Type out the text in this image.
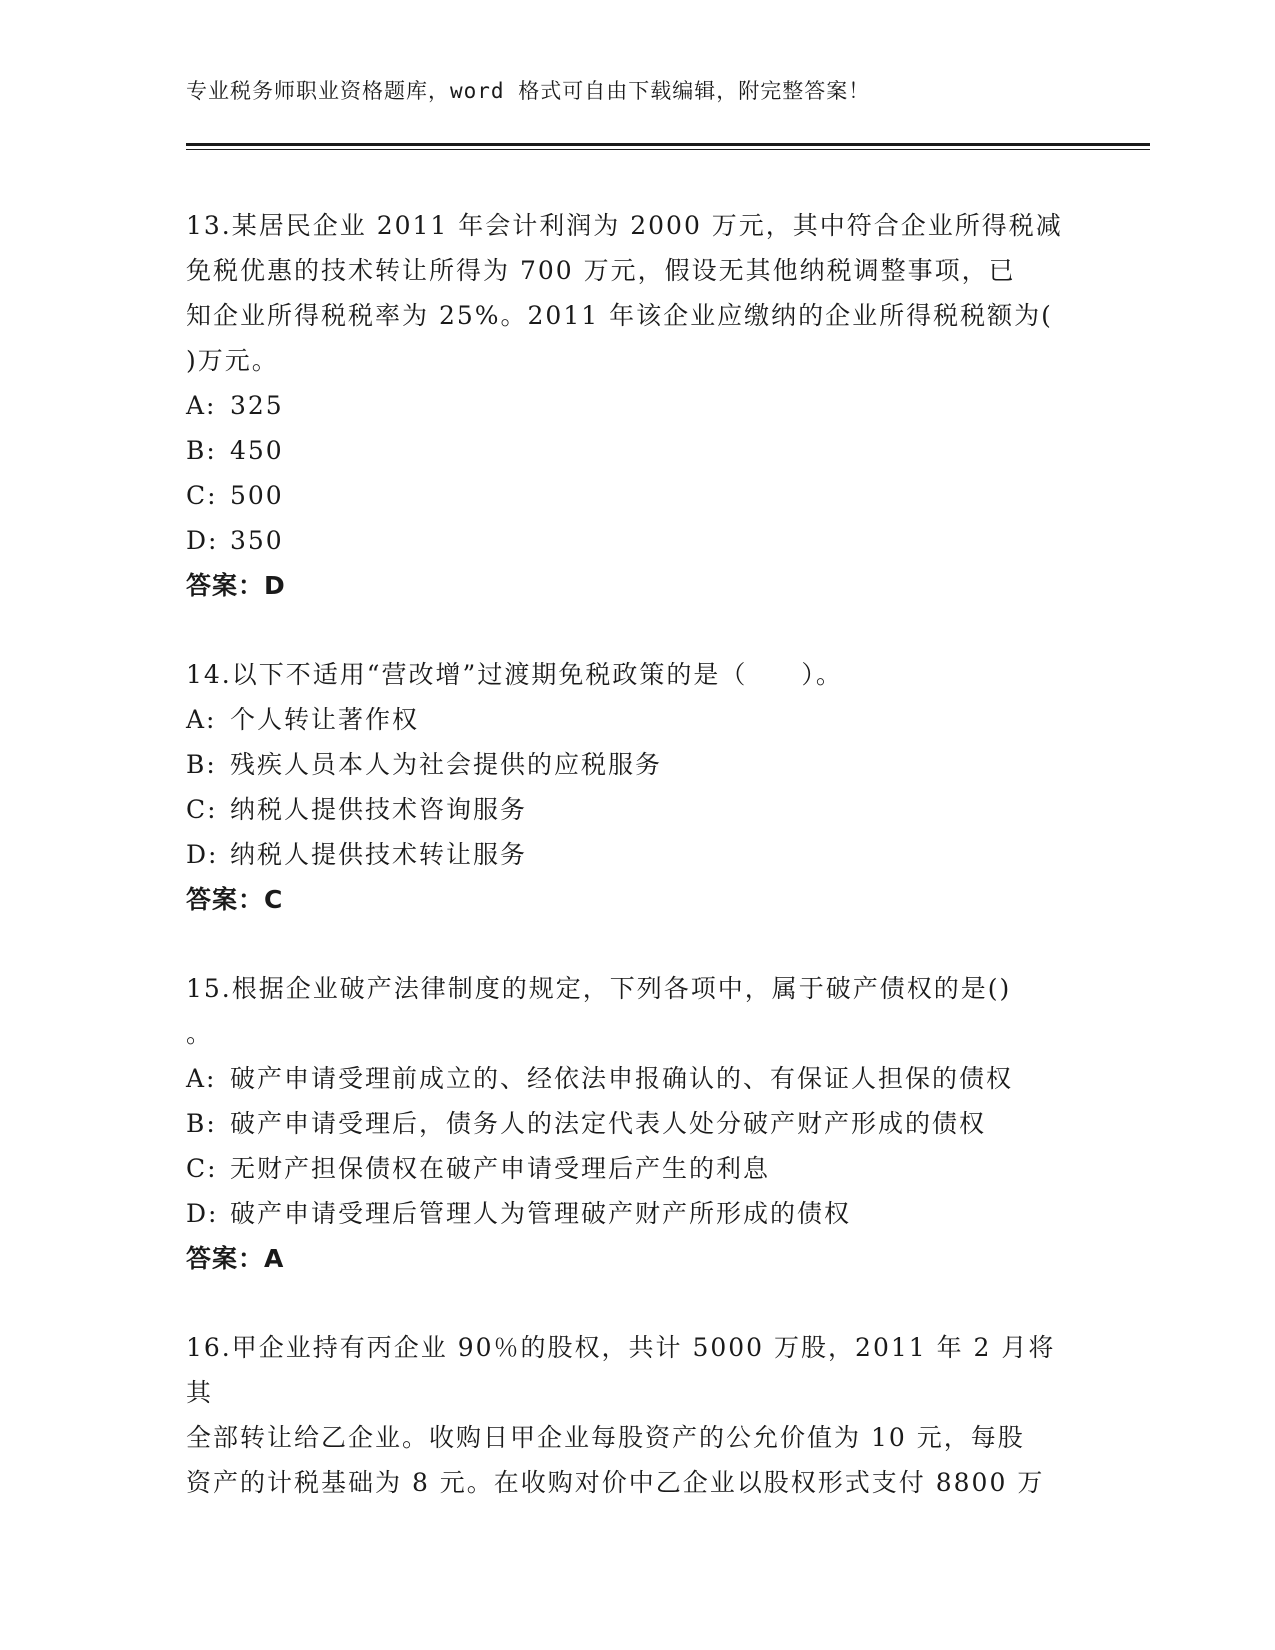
专业税务师职业资格题库，word 格式可自由下载编辑，附完整答案！

13.某居民企业 2011 年会计利润为 2000 万元，其中符合企业所得税减
免税优惠的技术转让所得为 700 万元，假设无其他纳税调整事项，已
知企业所得税税率为 25%。2011 年该企业应缴纳的企业所得税税额为(
)万元。

A: 325
B: 450
C: 500
D: 350
答案：D

14.以下不适用“营改增”过渡期免税政策的是（　　）。

A: 个人转让著作权
B: 残疾人员本人为社会提供的应税服务
C: 纳税人提供技术咨询服务
D: 纳税人提供技术转让服务
答案：C

15.根据企业破产法律制度的规定，下列各项中，属于破产债权的是()
。

A: 破产申请受理前成立的、经依法申报确认的、有保证人担保的债权
B: 破产申请受理后，债务人的法定代表人处分破产财产形成的债权
C: 无财产担保债权在破产申请受理后产生的利息
D: 破产申请受理后管理人为管理破产财产所形成的债权
答案：A

16.甲企业持有丙企业 90％的股权，共计 5000 万股，2011 年 2 月将其
全部转让给乙企业。收购日甲企业每股资产的公允价值为 10 元，每股
资产的计税基础为 8 元。在收购对价中乙企业以股权形式支付 8800 万
